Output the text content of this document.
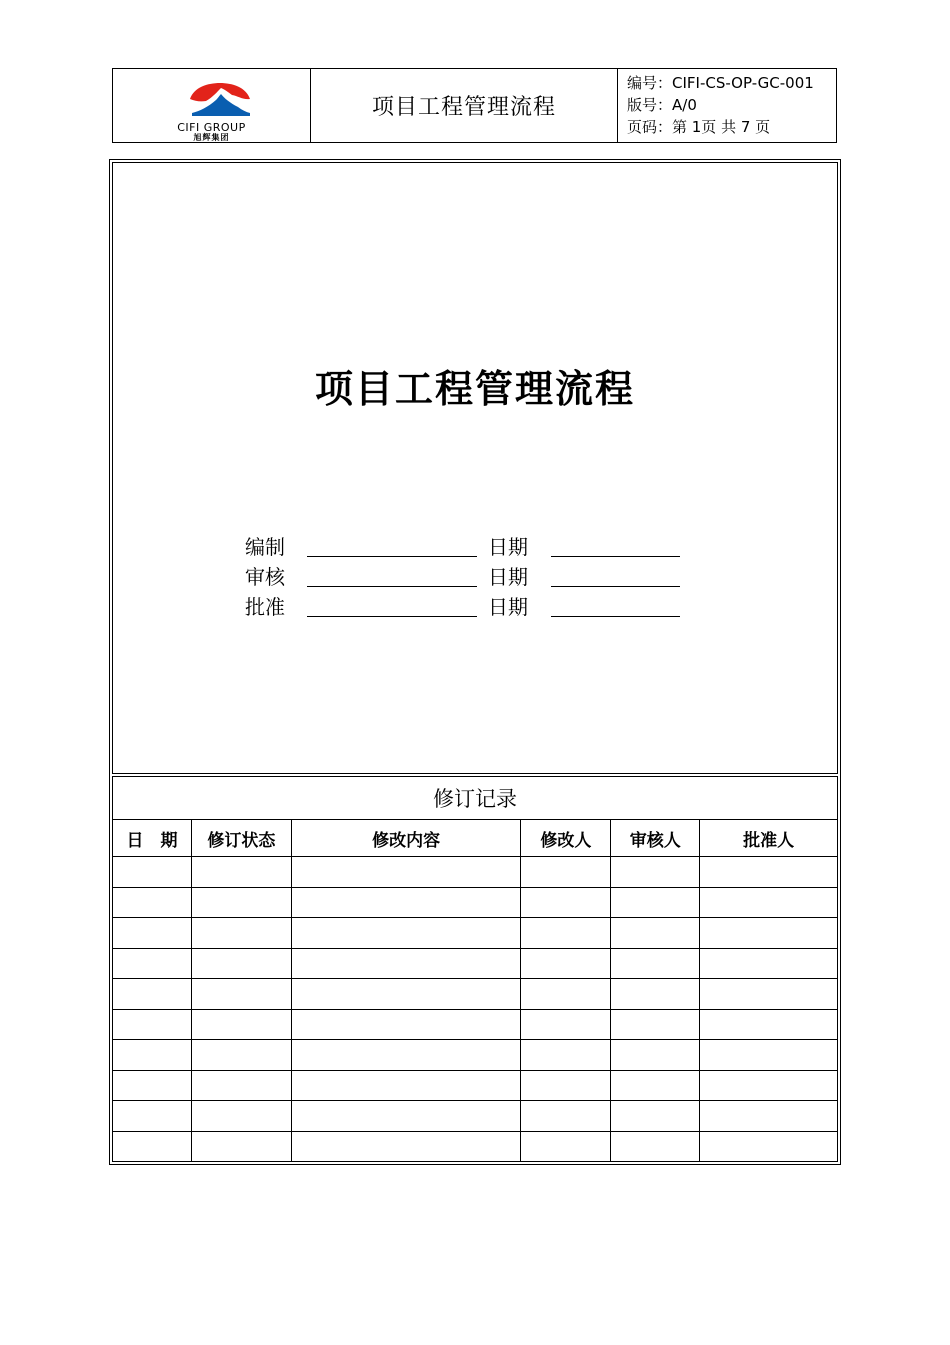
CIFI GROUP
旭辉集团
项目工程管理流程
编号：CIFI-CS-OP-GC-001
版号：A/0
页码：第 1页 共 7 页
项目工程管理流程
编制	日期
审核	日期
批准	日期
修订记录					
日　期	修订状态	修改内容	修改人	审核人	批准人
